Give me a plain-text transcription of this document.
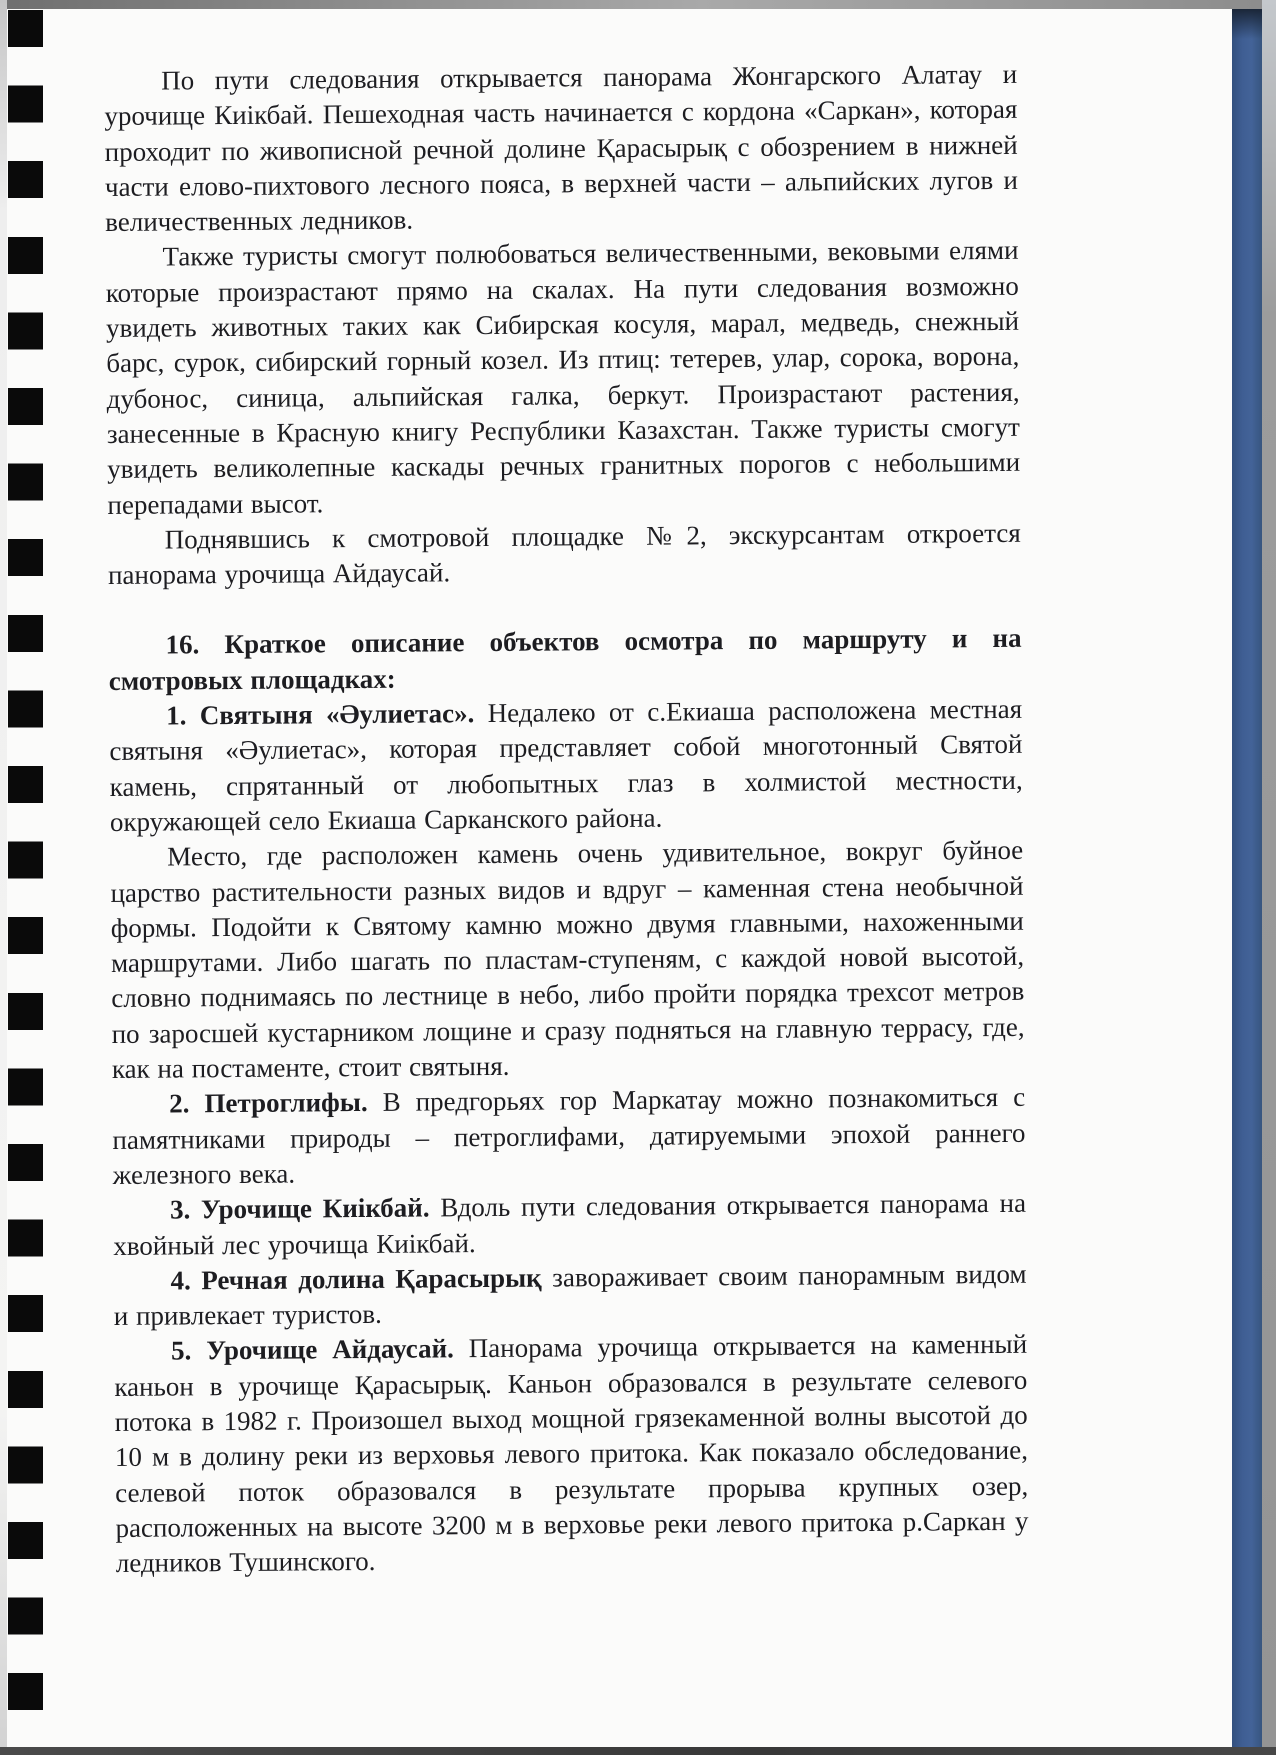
По пути следования открывается панорама Жонгарского Алатау и урочище Киікбай. Пешеходная часть начинается с кордона «Саркан», которая проходит по живописной речной долине Қарасырық с обозрением в нижней части елово-пихтового лесного пояса, в верхней части – альпийских лугов и величественных ледников.

Также туристы смогут полюбоваться величественными, вековыми елями которые произрастают прямо на скалах. На пути следования возможно увидеть животных таких как Сибирская косуля, марал, медведь, снежный барс, сурок, сибирский горный козел. Из птиц: тетерев, улар, сорока, ворона, дубонос, синица, альпийская галка, беркут. Произрастают растения, занесенные в Красную книгу Республики Казахстан. Также туристы смогут увидеть великолепные каскады речных гранитных порогов с небольшими перепадами высот.

Поднявшись к смотровой площадке №2, экскурсантам откроется панорама урочища Айдаусай.

16. Краткое описание объектов осмотра по маршруту и на смотровых площадках:

1. Святыня «Әулиетас». Недалеко от с.Екиаша расположена местная святыня «Әулиетас», которая представляет собой многотонный Святой камень, спрятанный от любопытных глаз в холмистой местности, окружающей село Екиаша Сарканского района.

Место, где расположен камень очень удивительное, вокруг буйное царство растительности разных видов и вдруг – каменная стена необычной формы. Подойти к Святому камню можно двумя главными, нахоженными маршрутами. Либо шагать по пластам-ступеням, с каждой новой высотой, словно поднимаясь по лестнице в небо, либо пройти порядка трехсот метров по заросшей кустарником лощине и сразу подняться на главную террасу, где, как на постаменте, стоит святыня.

2. Петроглифы. В предгорьях гор Маркатау можно познакомиться с памятниками природы – петроглифами, датируемыми эпохой раннего железного века.

3. Урочище Киікбай. Вдоль пути следования открывается панорама на хвойный лес урочища Киікбай.

4. Речная долина Қарасырық завораживает своим панорамным видом и привлекает туристов.

5. Урочище Айдаусай. Панорама урочища открывается на каменный каньон в урочище Қарасырық. Каньон образовался в результате селевого потока в 1982 г. Произошел выход мощной грязекаменной волны высотой до 10 м в долину реки из верховья левого притока. Как показало обследование, селевой поток образовался в результате прорыва крупных озер, расположенных на высоте 3200 м в верховье реки левого притока р.Саркан у ледников Тушинского.
